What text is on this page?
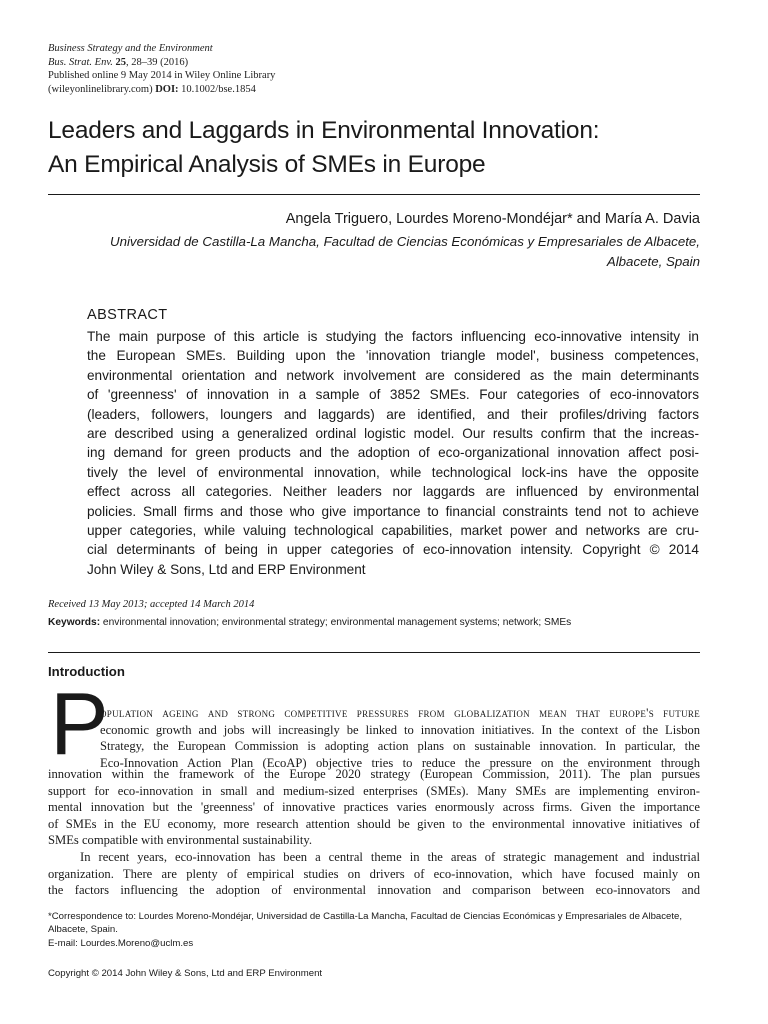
Business Strategy and the Environment
Bus. Strat. Env. 25, 28–39 (2016)
Published online 9 May 2014 in Wiley Online Library
(wileyonlinelibrary.com) DOI: 10.1002/bse.1854
Leaders and Laggards in Environmental Innovation:
An Empirical Analysis of SMEs in Europe
Angela Triguero, Lourdes Moreno-Mondéjar* and María A. Davia
Universidad de Castilla-La Mancha, Facultad de Ciencias Económicas y Empresariales de Albacete,
Albacete, Spain
ABSTRACT
The main purpose of this article is studying the factors influencing eco-innovative intensity in
the European SMEs. Building upon the 'innovation triangle model', business competences,
environmental orientation and network involvement are considered as the main determinants
of 'greenness' of innovation in a sample of 3852 SMEs. Four categories of eco-innovators
(leaders, followers, loungers and laggards) are identified, and their profiles/driving factors
are described using a generalized ordinal logistic model. Our results confirm that the increas-
ing demand for green products and the adoption of eco-organizational innovation affect posi-
tively the level of environmental innovation, while technological lock-ins have the opposite
effect across all categories. Neither leaders nor laggards are influenced by environmental
policies. Small firms and those who give importance to financial constraints tend not to achieve
upper categories, while valuing technological capabilities, market power and networks are cru-
cial determinants of being in upper categories of eco-innovation intensity. Copyright © 2014
John Wiley & Sons, Ltd and ERP Environment
Received 13 May 2013; accepted 14 March 2014
Keywords: environmental innovation; environmental strategy; environmental management systems; network; SMEs
Introduction
P
opulation ageing and strong competitive pressures from globalization mean that europe's future
economic growth and jobs will increasingly be linked to innovation initiatives. In the context of the Lisbon
Strategy, the European Commission is adopting action plans on sustainable innovation. In particular, the
Eco-Innovation Action Plan (EcoAP) objective tries to reduce the pressure on the environment through
innovation within the framework of the Europe 2020 strategy (European Commission, 2011). The plan pursues
support for eco-innovation in small and medium-sized enterprises (SMEs). Many SMEs are implementing environ-
mental innovation but the 'greenness' of innovative practices varies enormously across firms. Given the importance
of SMEs in the EU economy, more research attention should be given to the environmental innovative initiatives of
SMEs compatible with environmental sustainability.
In recent years, eco-innovation has been a central theme in the areas of strategic management and industrial
organization. There are plenty of empirical studies on drivers of eco-innovation, which have focused mainly on
the factors influencing the adoption of environmental innovation and comparison between eco-innovators and
*Correspondence to: Lourdes Moreno-Mondéjar, Universidad de Castilla-La Mancha, Facultad de Ciencias Económicas y Empresariales de Albacete,
Albacete, Spain.
E-mail: Lourdes.Moreno@uclm.es
Copyright © 2014 John Wiley & Sons, Ltd and ERP Environment
